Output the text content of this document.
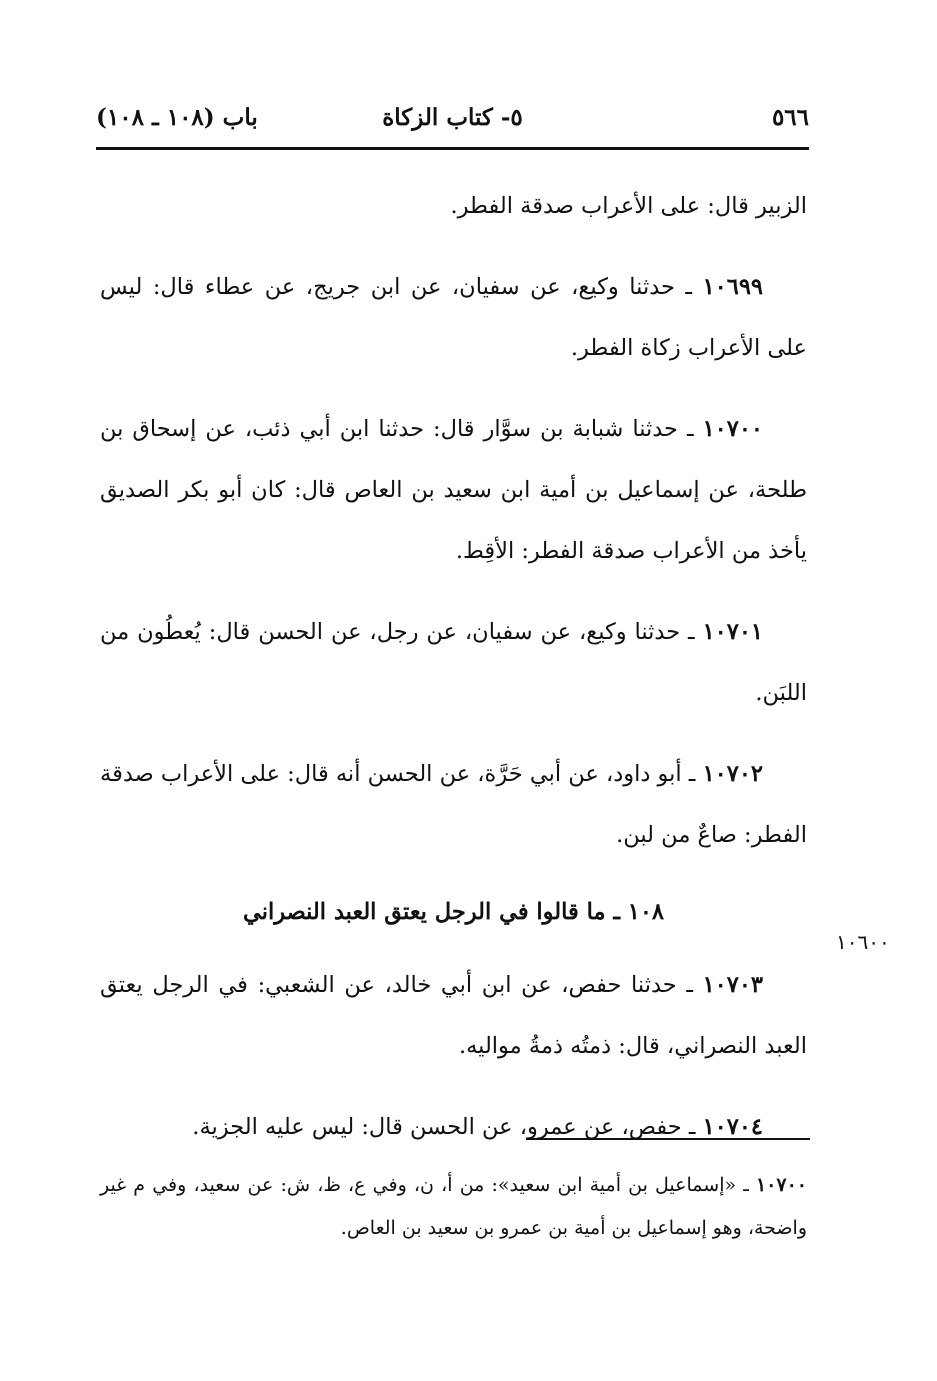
٥٦٦
٥- كتاب الزكاة
باب (١٠٨ ـ ١٠٨)

الزبير قال: على الأعراب صدقة الفطر.

١٠٦٩٩ ـ حدثنا وكيع، عن سفيان، عن ابن جريج، عن عطاء قال: ليس على الأعراب زكاة الفطر.

١٠٧٠٠ ـ حدثنا شبابة بن سوَّار قال: حدثنا ابن أبي ذئب، عن إسحاق بن طلحة، عن إسماعيل بن أمية ابن سعيد بن العاص قال: كان أبو بكر الصديق يأخذ من الأعراب صدقة الفطر: الأقِط.

١٠٧٠١ ـ حدثنا وكيع، عن سفيان، عن رجل، عن الحسن قال: يُعطُون من اللبَن.

١٠٧٠٢ ـ أبو داود، عن أبي حَرَّة، عن الحسن أنه قال: على الأعراب صدقة الفطر: صاعٌ من لبن.

١٠٨ ـ ما قالوا في الرجل يعتق العبد النصراني

١٠٧٠٣ ـ حدثنا حفص، عن ابن أبي خالد، عن الشعبي: في الرجل يعتق العبد النصراني، قال: ذمتُه ذمةُ مواليه.

١٠٧٠٤ ـ حفص، عن عمرو، عن الحسن قال: ليس عليه الجزية.

١٠٦٠٠
١٠٧٠٠ ـ «إسماعيل بن أمية ابن سعيد»: من أ، ن، وفي ع، ظ، ش: عن سعيد، وفي م غير واضحة، وهو إسماعيل بن أمية بن عمرو بن سعيد بن العاص.
